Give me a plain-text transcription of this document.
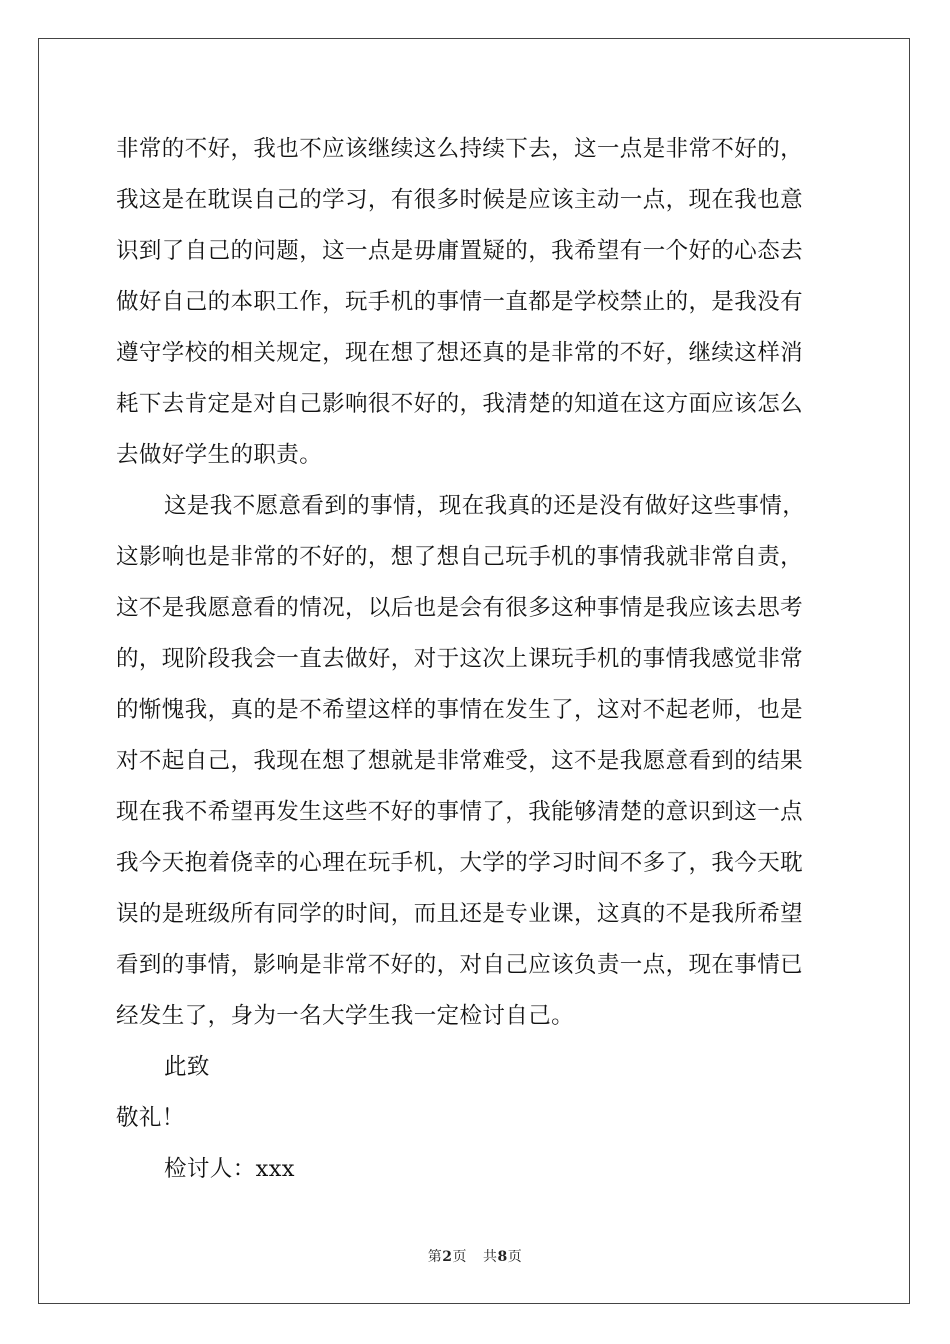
非常的不好，我也不应该继续这么持续下去，这一点是非常不好的，
我这是在耽误自己的学习，有很多时候是应该主动一点，现在我也意
识到了自己的问题，这一点是毋庸置疑的，我希望有一个好的心态去
做好自己的本职工作，玩手机的事情一直都是学校禁止的，是我没有
遵守学校的相关规定，现在想了想还真的是非常的不好，继续这样消
耗下去肯定是对自己影响很不好的，我清楚的知道在这方面应该怎么
去做好学生的职责。
这是我不愿意看到的事情，现在我真的还是没有做好这些事情，
这影响也是非常的不好的，想了想自己玩手机的事情我就非常自责，
这不是我愿意看的情况，以后也是会有很多这种事情是我应该去思考
的，现阶段我会一直去做好，对于这次上课玩手机的事情我感觉非常
的惭愧我，真的是不希望这样的事情在发生了，这对不起老师，也是
对不起自己，我现在想了想就是非常难受，这不是我愿意看到的结果
现在我不希望再发生这些不好的事情了，我能够清楚的意识到这一点
我今天抱着侥幸的心理在玩手机，大学的学习时间不多了，我今天耽
误的是班级所有同学的时间，而且还是专业课，这真的不是我所希望
看到的事情，影响是非常不好的，对自己应该负责一点，现在事情已
经发生了，身为一名大学生我一定检讨自己。
此致
敬礼！
检讨人：xxx
第2页 共8页
